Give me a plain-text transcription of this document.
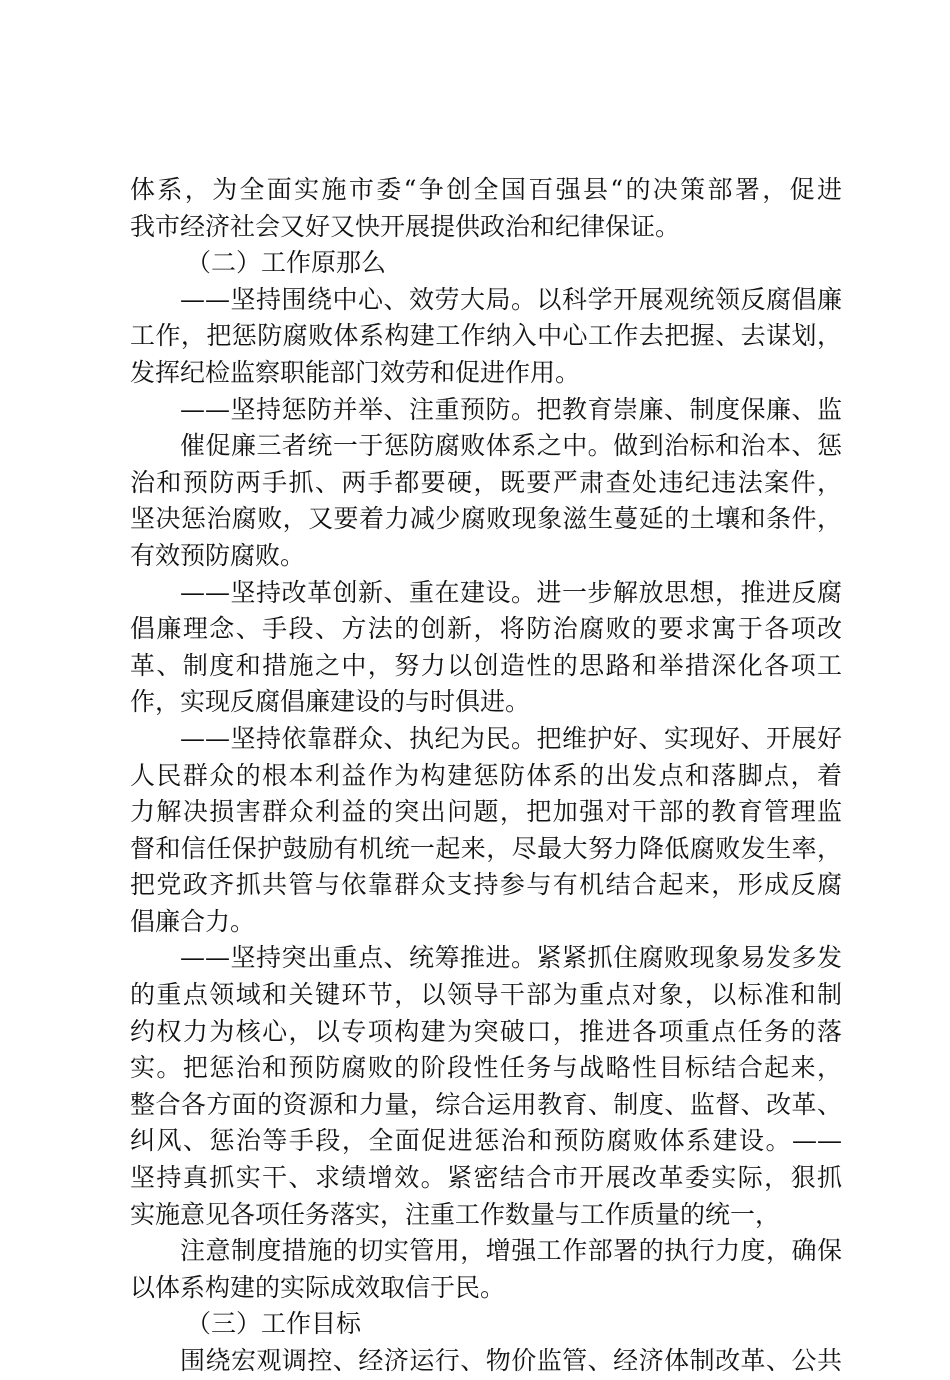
体系，为全面实施市委“争创全国百强县“的决策部署，促进
我市经济社会又好又快开展提供政治和纪律保证。
（二）工作原那么
——坚持围绕中心、效劳大局。以科学开展观统领反腐倡廉
工作，把惩防腐败体系构建工作纳入中心工作去把握、去谋划，
发挥纪检监察职能部门效劳和促进作用。
——坚持惩防并举、注重预防。把教育崇廉、制度保廉、监
催促廉三者统一于惩防腐败体系之中。做到治标和治本、惩
治和预防两手抓、两手都要硬，既要严肃查处违纪违法案件，
坚决惩治腐败，又要着力减少腐败现象滋生蔓延的土壤和条件，
有效预防腐败。
——坚持改革创新、重在建设。进一步解放思想，推进反腐
倡廉理念、手段、方法的创新，将防治腐败的要求寓于各项改
革、制度和措施之中，努力以创造性的思路和举措深化各项工
作，实现反腐倡廉建设的与时俱进。
——坚持依靠群众、执纪为民。把维护好、实现好、开展好
人民群众的根本利益作为构建惩防体系的出发点和落脚点，着
力解决损害群众利益的突出问题，把加强对干部的教育管理监
督和信任保护鼓励有机统一起来，尽最大努力降低腐败发生率，
把党政齐抓共管与依靠群众支持参与有机结合起来，形成反腐
倡廉合力。
——坚持突出重点、统筹推进。紧紧抓住腐败现象易发多发
的重点领域和关键环节，以领导干部为重点对象，以标准和制
约权力为核心，以专项构建为突破口，推进各项重点任务的落
实。把惩治和预防腐败的阶段性任务与战略性目标结合起来，
整合各方面的资源和力量，综合运用教育、制度、监督、改革、
纠风、惩治等手段，全面促进惩治和预防腐败体系建设。——
坚持真抓实干、求绩增效。紧密结合市开展改革委实际，狠抓
实施意见各项任务落实，注重工作数量与工作质量的统一，
注意制度措施的切实管用，增强工作部署的执行力度，确保
以体系构建的实际成效取信于民。
（三）工作目标
围绕宏观调控、经济运行、物价监管、经济体制改革、公共
